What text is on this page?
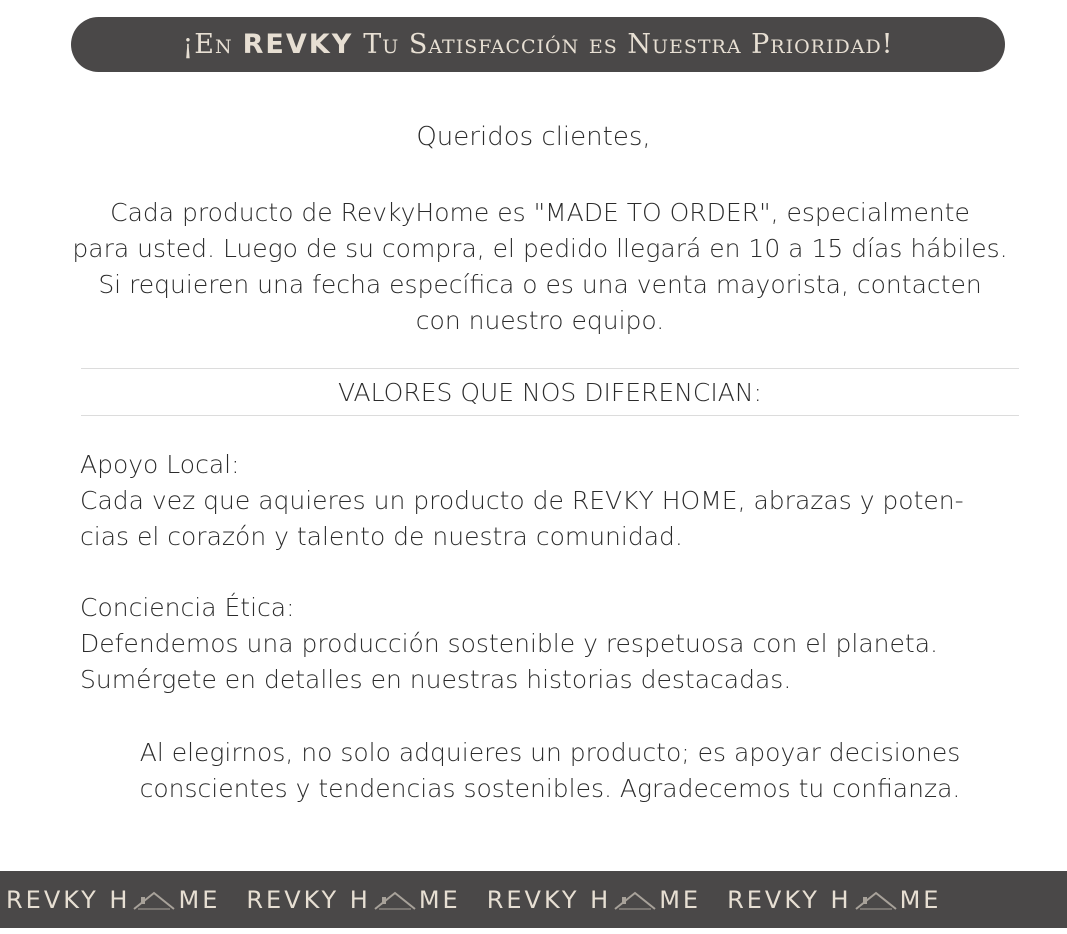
¡En REVKY Tu Satisfacción es Nuestra Prioridad!
Queridos clientes,
Cada producto de RevkyHome es "MADE TO ORDER", especialmente
para usted. Luego de su compra, el pedido llegará en 10 a 15 días hábiles.
Si requieren una fecha específica o es una venta mayorista, contacten
con nuestro equipo.
VALORES QUE NOS DIFERENCIAN:
Apoyo Local:
Cada vez que aquieres un producto de REVKY HOME, abrazas y poten-
cias el corazón y talento de nuestra comunidad.
Conciencia Ética:
Defendemos una producción sostenible y respetuosa con el planeta.
Sumérgete en detalles en nuestras historias destacadas.
Al elegirnos, no solo adquieres un producto; es apoyar decisiones
conscientes y tendencias sostenibles. Agradecemos tu confianza.
REVKY H ME REVKY H ME REVKY H ME REVKY H ME
